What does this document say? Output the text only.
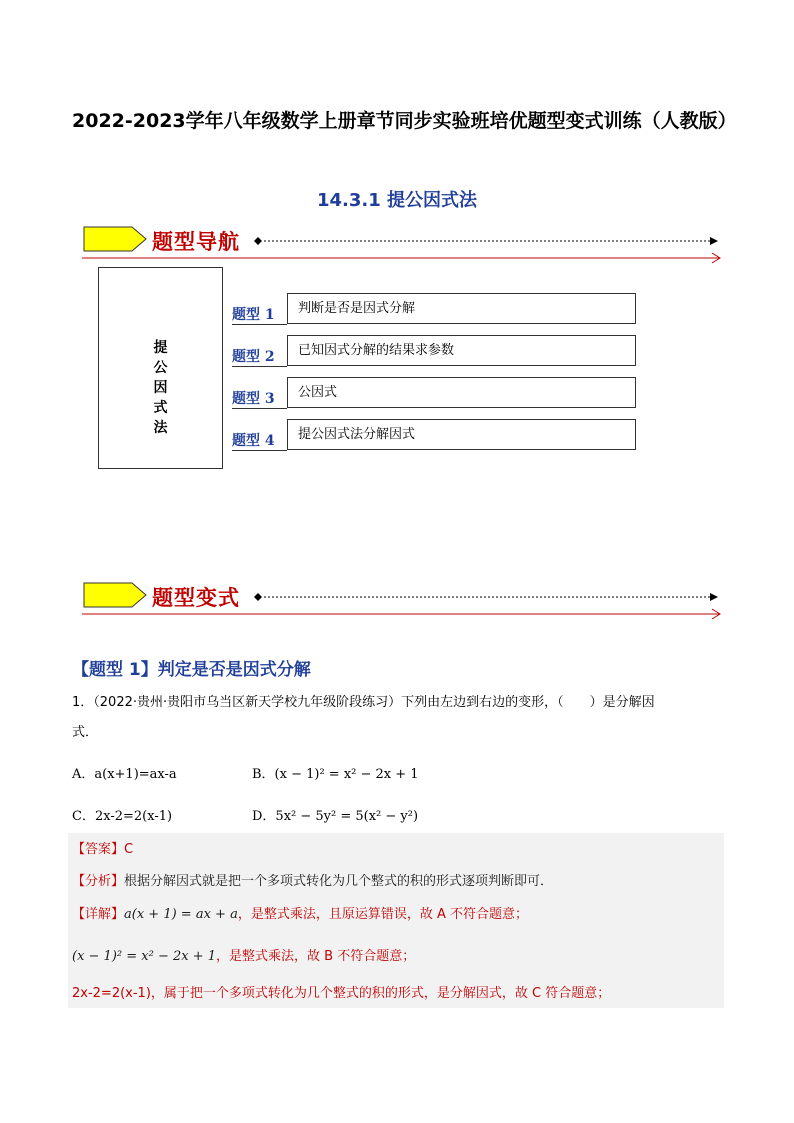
2022-2023学年八年级数学上册章节同步实验班培优题型变式训练（人教版）
14.3.1 提公因式法
题型导航
提
公
因
式
法
题型 1	判断是否是因式分解
题型 2	已知因式分解的结果求参数
题型 3	公因式
题型 4	提公因式法分解因式
题型变式
【题型 1】判定是否是因式分解
1．（2022·贵州·贵阳市乌当区新天学校九年级阶段练习）下列由左边到右边的变形，（　　）是分解因
式．
A．a(x+1)=ax-a	B．(x − 1)² = x² − 2x + 1
C．2x-2=2(x-1)	D．5x² − 5y² = 5(x² − y²)
【答案】C
【分析】根据分解因式就是把一个多项式转化为几个整式的积的形式逐项判断即可．
【详解】a(x + 1) = ax + a，是整式乘法，且原运算错误，故 A 不符合题意；
(x − 1)² = x² − 2x + 1，是整式乘法，故 B 不符合题意；
2x-2=2(x-1)，属于把一个多项式转化为几个整式的积的形式，是分解因式，故 C 符合题意；
